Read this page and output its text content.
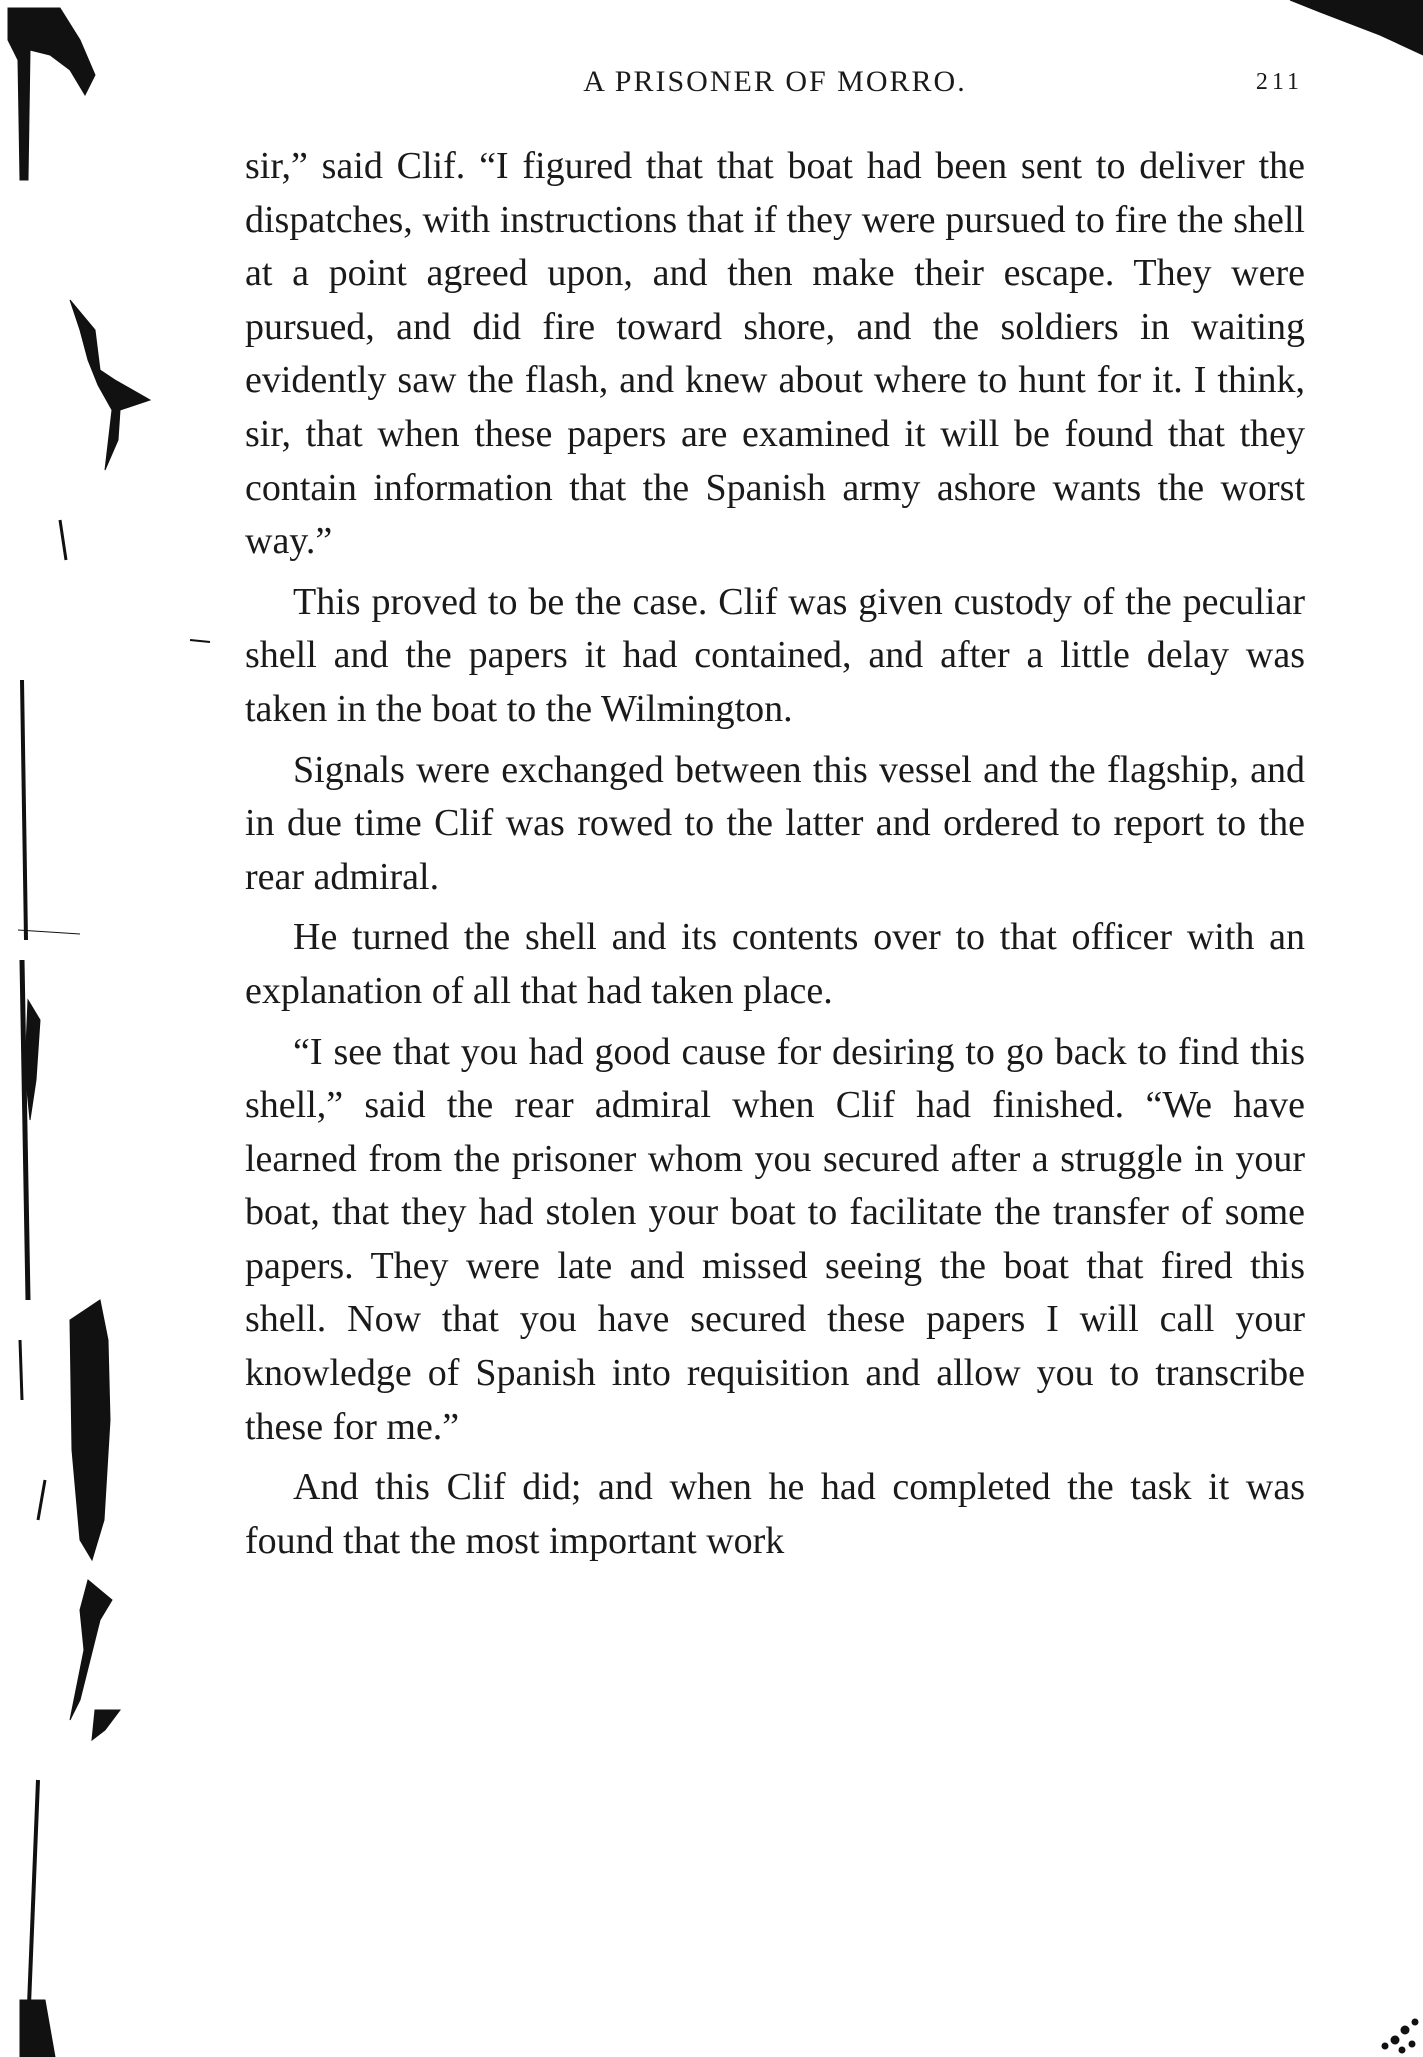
A PRISONER OF MORRO.	211

sir,” said Clif. “I figured that that boat had been sent to deliver the dispatches, with instructions that if they were pursued to fire the shell at a point agreed upon, and then make their escape. They were pursued, and did fire toward shore, and the soldiers in waiting evidently saw the flash, and knew about where to hunt for it. I think, sir, that when these papers are examined it will be found that they contain information that the Spanish army ashore wants the worst way.”

This proved to be the case. Clif was given custody of the peculiar shell and the papers it had contained, and after a little delay was taken in the boat to the Wilmington.

Signals were exchanged between this vessel and the flagship, and in due time Clif was rowed to the latter and ordered to report to the rear admiral.

He turned the shell and its contents over to that officer with an explanation of all that had taken place.

“I see that you had good cause for desiring to go back to find this shell,” said the rear admiral when Clif had finished. “We have learned from the prisoner whom you secured after a struggle in your boat, that they had stolen your boat to facilitate the transfer of some papers. They were late and missed seeing the boat that fired this shell. Now that you have secured these papers I will call your knowledge of Spanish into requisition and allow you to transcribe these for me.”

And this Clif did; and when he had completed the task it was found that the most important work
